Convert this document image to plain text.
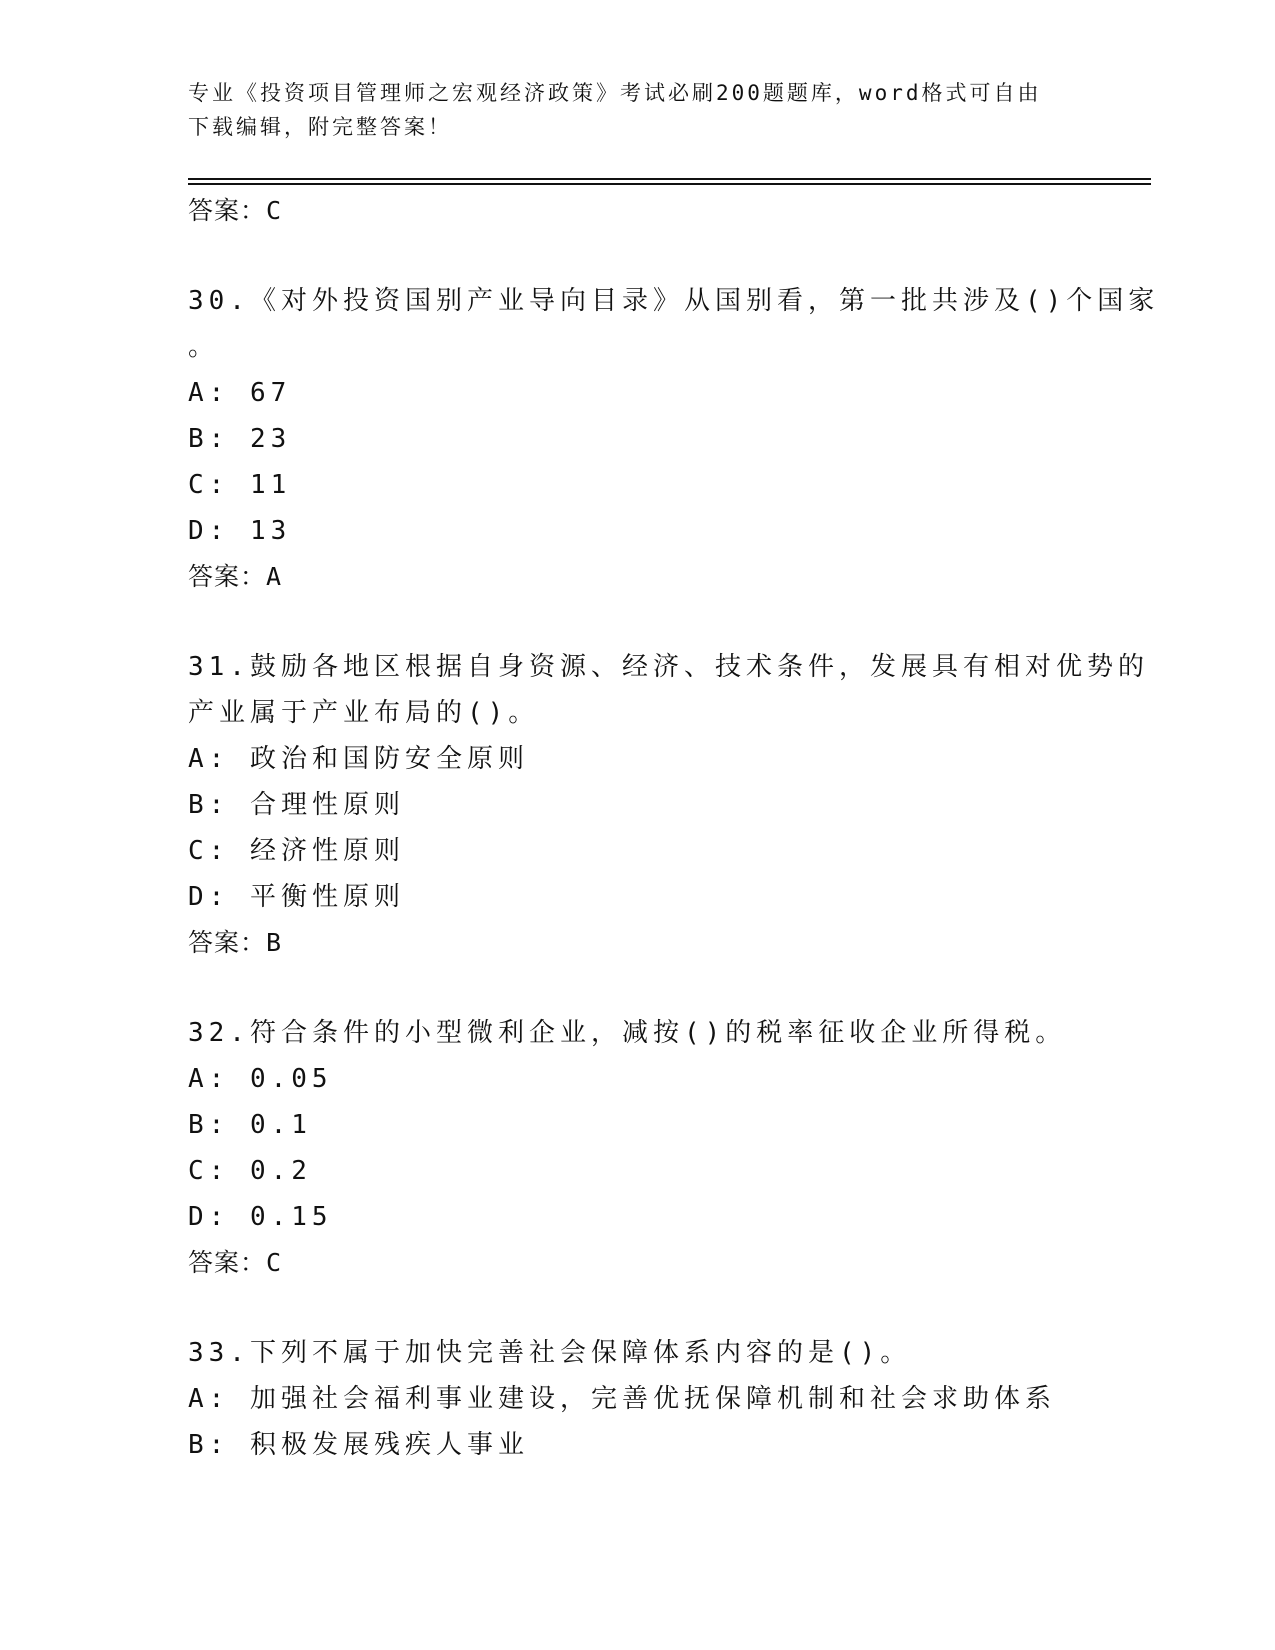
专业《投资项目管理师之宏观经济政策》考试必刷200题题库，word格式可自由
下载编辑，附完整答案！
答案：C
30.《对外投资国别产业导向目录》从国别看，第一批共涉及()个国家
。
A: 67
B: 23
C: 11
D: 13
答案：A
31.鼓励各地区根据自身资源、经济、技术条件，发展具有相对优势的
产业属于产业布局的()。
A: 政治和国防安全原则
B: 合理性原则
C: 经济性原则
D: 平衡性原则
答案：B
32.符合条件的小型微利企业，减按()的税率征收企业所得税。
A: 0.05
B: 0.1
C: 0.2
D: 0.15
答案：C
33.下列不属于加快完善社会保障体系内容的是()。
A: 加强社会福利事业建设，完善优抚保障机制和社会求助体系
B: 积极发展残疾人事业
